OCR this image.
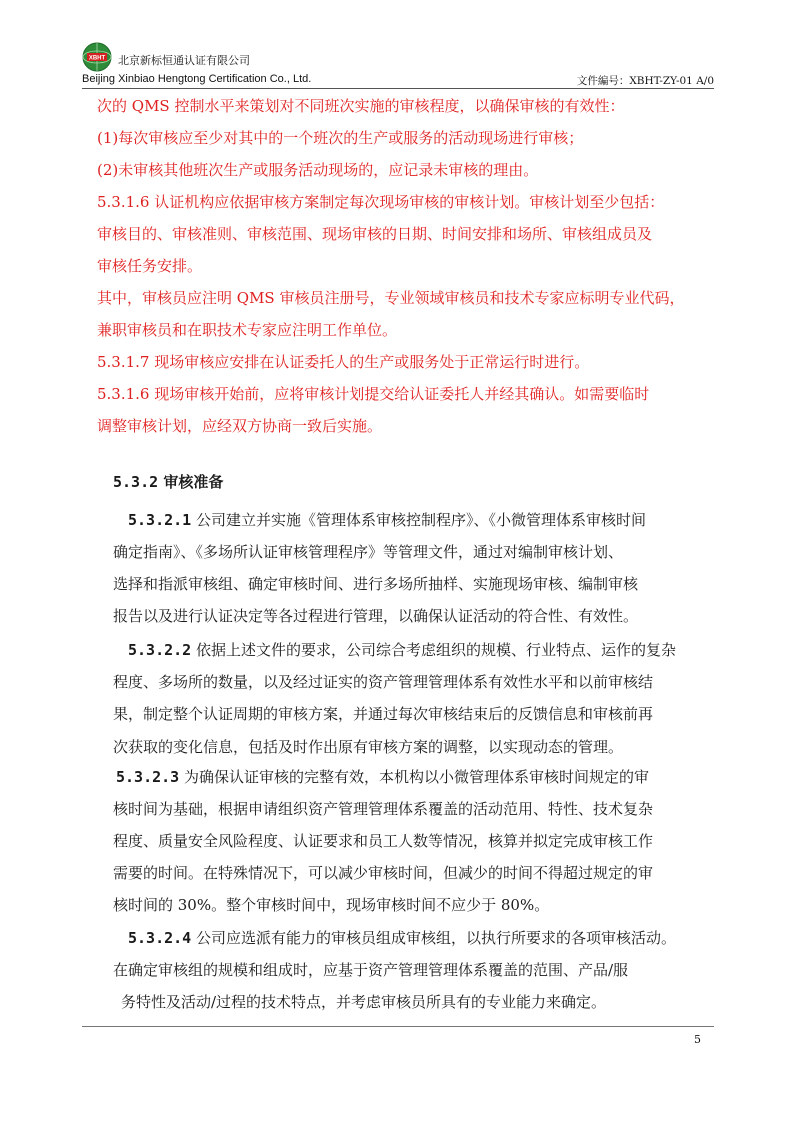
XBHT 北京新标恒通认证有限公司
Beijing Xinbiao Hengtong Certification Co., Ltd.	文件編号：XBHT-ZY-01 A/0
次的 QMS 控制水平来策划对不同班次实施的审核程度，以确保审核的有效性：
(1)每次审核应至少对其中的一个班次的生产或服务的活动现场进行审核；
(2)未审核其他班次生产或服务活动现场的，应记录未审核的理由。
5.3.1.6 认证机构应依据审核方案制定每次现场审核的审核计划。审核计划至少包括：
审核目的、审核准则、审核范围、现场审核的日期、时间安排和场所、审核组成员及
审核任务安排。
其中，审核员应注明 QMS 审核员注册号，专业领域审核员和技术专家应标明专业代码，
兼职审核员和在职技术专家应注明工作单位。
5.3.1.7 现场审核应安排在认证委托人的生产或服务处于正常运行时进行。
5.3.1.6 现场审核开始前，应将审核计划提交给认证委托人并经其确认。如需要临时
调整审核计划，应经双方协商一致后实施。
5.3.2 审核准备
5.3.2.1 公司建立并实施《管理体系审核控制程序》、《小微管理体系审核时间
确定指南》、《多场所认证审核管理程序》等管理文件，通过对编制审核计划、
选择和指派审核组、确定审核时间、进行多场所抽样、实施现场审核、编制审核
报告以及进行认证决定等各过程进行管理，以确保认证活动的符合性、有效性。
5.3.2.2 依据上述文件的要求，公司综合考虑组织的规模、行业特点、运作的复杂
程度、多场所的数量，以及经过证实的资产管理管理体系有效性水平和以前审核结
果，制定整个认证周期的审核方案，并通过每次审核结束后的反馈信息和审核前再
次获取的变化信息，包括及时作出原有审核方案的调整，以实现动态的管理。
5.3.2.3 为确保认证审核的完整有效，本机构以小微管理体系审核时间规定的审
核时间为基础，根据申请组织资产管理管理体系覆盖的活动范用、特性、技术复杂
程度、质量安全风险程度、认证要求和员工人数等情况，核算并拟定完成审核工作
需要的时间。在特殊情况下，可以减少审核时间，但减少的时间不得超过规定的审
核时间的 30%。整个审核时间中，现场审核时间不应少于 80%。
5.3.2.4 公司应选派有能力的审核员组成审核组，以执行所要求的各项审核活动。
在确定审核组的规模和组成时，应基于资产管理管理体系覆盖的范围、产品/服
务特性及活动/过程的技术特点，并考虑审核员所具有的专业能力来确定。
5
